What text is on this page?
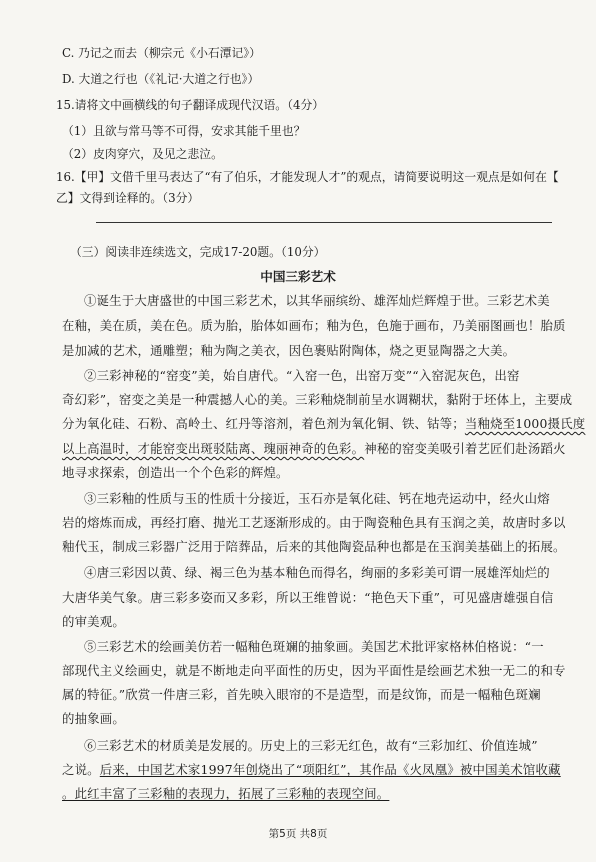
C. 乃记之而去（柳宗元《小石潭记》）
D. 大道之行也（《礼记·大道之行也》）
15.请将文中画横线的句子翻译成现代汉语。（4分）
（1）且欲与常马等不可得，安求其能千里也？
（2）皮肉穿穴，及见之悲泣。
16.【甲】文借千里马表达了“有了伯乐，才能发现人才”的观点，请简要说明这一观点是如何在【
乙】文得到诠释的。（3分）
（三）阅读非连续选文，完成17-20题。（10分）
中国三彩艺术
①诞生于大唐盛世的中国三彩艺术，以其华丽缤纷、雄浑灿烂辉煌于世。三彩艺术美
在釉，美在质，美在色。质为胎，胎体如画布；釉为色，色施于画布，乃美丽图画也！胎质
是加减的艺术，通雕塑；釉为陶之美衣，因色裹贴附陶体，烧之更显陶器之大美。
②三彩神秘的“窑变”美，始自唐代。“入窑一色，出窑万变”“入窑泥灰色，出窑
奇幻彩”，窑变之美是一种震撼人心的美。三彩釉烧制前呈水调糊状，黏附于坯体上，主要成
分为氧化硅、石粉、高岭土、红丹等溶剂，着色剂为氧化铜、铁、钴等；当釉烧至1000摄氏度
以上高温时，才能窑变出斑驳陆离、瑰丽神奇的色彩。神秘的窑变美吸引着艺匠们赴汤蹈火
地寻求探索，创造出一个个色彩的辉煌。
③三彩釉的性质与玉的性质十分接近，玉石亦是氧化硅、钙在地壳运动中，经火山熔
岩的熔炼而成，再经打磨、抛光工艺逐渐形成的。由于陶瓷釉色具有玉润之美，故唐时多以
釉代玉，制成三彩器广泛用于陪葬品，后来的其他陶瓷品种也都是在玉润美基础上的拓展。
④唐三彩因以黄、绿、褐三色为基本釉色而得名，绚丽的多彩美可谓一展雄浑灿烂的
大唐华美气象。唐三彩多姿而又多彩，所以王维曾说：“艳色天下重”，可见盛唐雄强自信
的审美观。
⑤三彩艺术的绘画美仿若一幅釉色斑斓的抽象画。美国艺术批评家格林伯格说：“一
部现代主义绘画史，就是不断地走向平面性的历史，因为平面性是绘画艺术独一无二的和专
属的特征。”欣赏一件唐三彩，首先映入眼帘的不是造型，而是纹饰，而是一幅釉色斑斓
的抽象画。
⑥三彩艺术的材质美是发展的。历史上的三彩无红色，故有“三彩加红、价值连城”
之说。后来，中国艺术家1997年创烧出了“项阳红”，其作品《火凤凰》被中国美术馆收藏
。此红丰富了三彩釉的表现力，拓展了三彩釉的表现空间。
第5页 共8页
